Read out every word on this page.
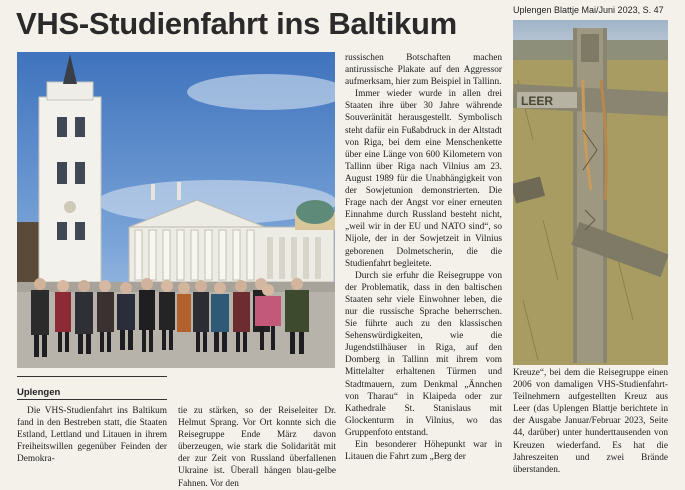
VHS-Studienfahrt ins Baltikum	Uplengen Blattje Mai/Juni 2023, S. 47
LEER
Uplengen

Die VHS-Studienfahrt ins Baltikum fand in den Bestreben statt, die Staaten Estland, Lettland und Litauen in ihrem Freiheitswillen gegenüber Feinden der Demokra-

tie zu stärken, so der Reiseleiter Dr. Helmut Sprang. Vor Ort konnte sich die Reisegruppe Ende März davon überzeugen, wie stark die Solidarität mit der zur Zeit von Russland überfallenen Ukraine ist. Überall hängen blau-gelbe Fahnen. Vor den

russischen Botschaften machen antirussische Plakate auf den Aggressor aufmerksam, hier zum Beispiel in Tallinn.

Immer wieder wurde in allen drei Staaten ihre über 30 Jahre währende Souveränität herausgestellt. Symbolisch steht dafür ein Fußabdruck in der Altstadt von Riga, bei dem eine Menschenkette über eine Länge von 600 Kilometern von Tallinn über Riga nach Vilnius am 23. August 1989 für die Unabhängigkeit von der Sowjetunion demonstrierten. Die Frage nach der Angst vor einer erneuten Einnahme durch Russland besteht nicht, „weil wir in der EU und NATO sind“, so Nijole, der in der Sowjetzeit in Vilnius geborenen Dolmetscherin, die die Studienfahrt begleitete.

Durch sie erfuhr die Reisegruppe von der Problematik, dass in den baltischen Staaten sehr viele Einwohner leben, die nur die russische Sprache beherrschen. Sie führte auch zu den klassischen Sehenswürdigkeiten, wie die Jugendstilhäuser in Riga, auf den Domberg in Tallinn mit ihrem vom Mittelalter erhaltenen Türmen und Stadtmauern, zum Denkmal „Ännchen von Tharau“ in Klaipeda oder zur Kathedrale St. Stanislaus mit Glockenturm in Vilnius, wo das Gruppenfoto entstand.

Ein besonderer Höhepunkt war in Litauen die Fahrt zum „Berg der

Kreuze“, bei dem die Reisegruppe einen 2006 von damaligen VHS-Studienfahrt-Teilnehmern aufgestellten Kreuz aus Leer (das Uplengen Blattje berichtete in der Ausgabe Januar/Februar 2023, Seite 44, darüber) unter hunderttausenden von Kreuzen wiederfand. Es hat die Jahreszeiten und zwei Brände überstanden.
